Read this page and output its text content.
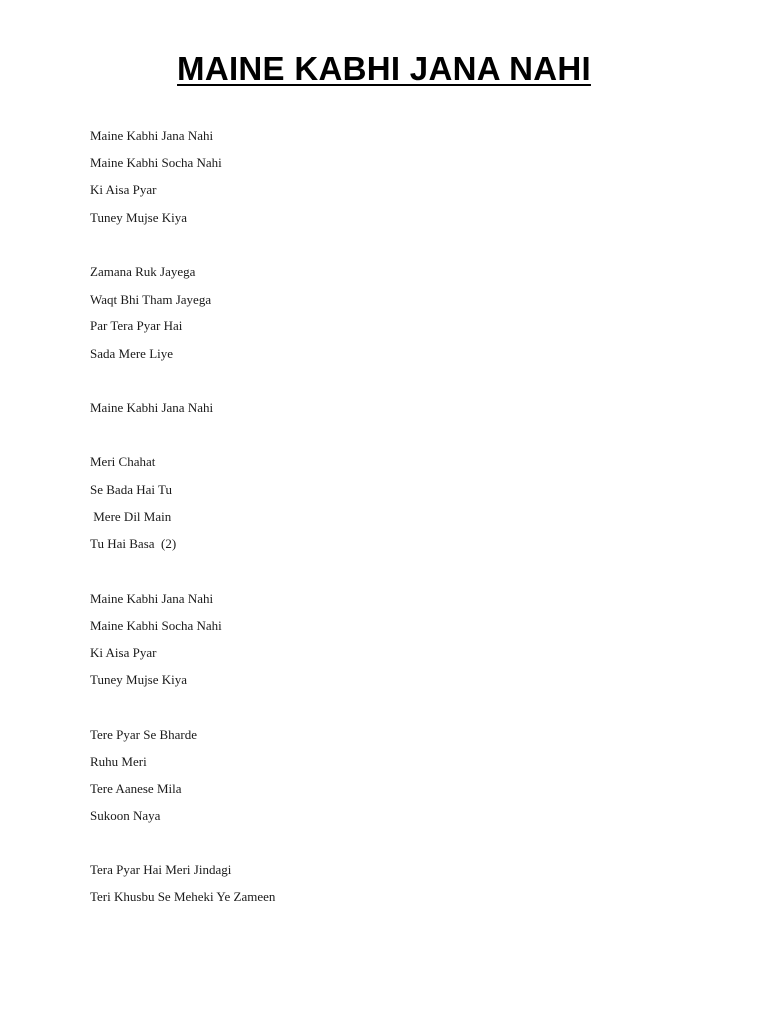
MAINE KABHI JANA NAHI
Maine Kabhi Jana Nahi
Maine Kabhi Socha Nahi
Ki Aisa Pyar
Tuney Mujse Kiya
Zamana Ruk Jayega
Waqt Bhi Tham Jayega
Par Tera Pyar Hai
Sada Mere Liye
Maine Kabhi Jana Nahi
Meri Chahat
Se Bada Hai Tu
Mere Dil Main
Tu Hai Basa  (2)
Maine Kabhi Jana Nahi
Maine Kabhi Socha Nahi
Ki Aisa Pyar
Tuney Mujse Kiya
Tere Pyar Se Bharde
Ruhu Meri
Tere Aanese Mila
Sukoon Naya
Tera Pyar Hai Meri Jindagi
Teri Khusbu Se Meheki Ye Zameen
